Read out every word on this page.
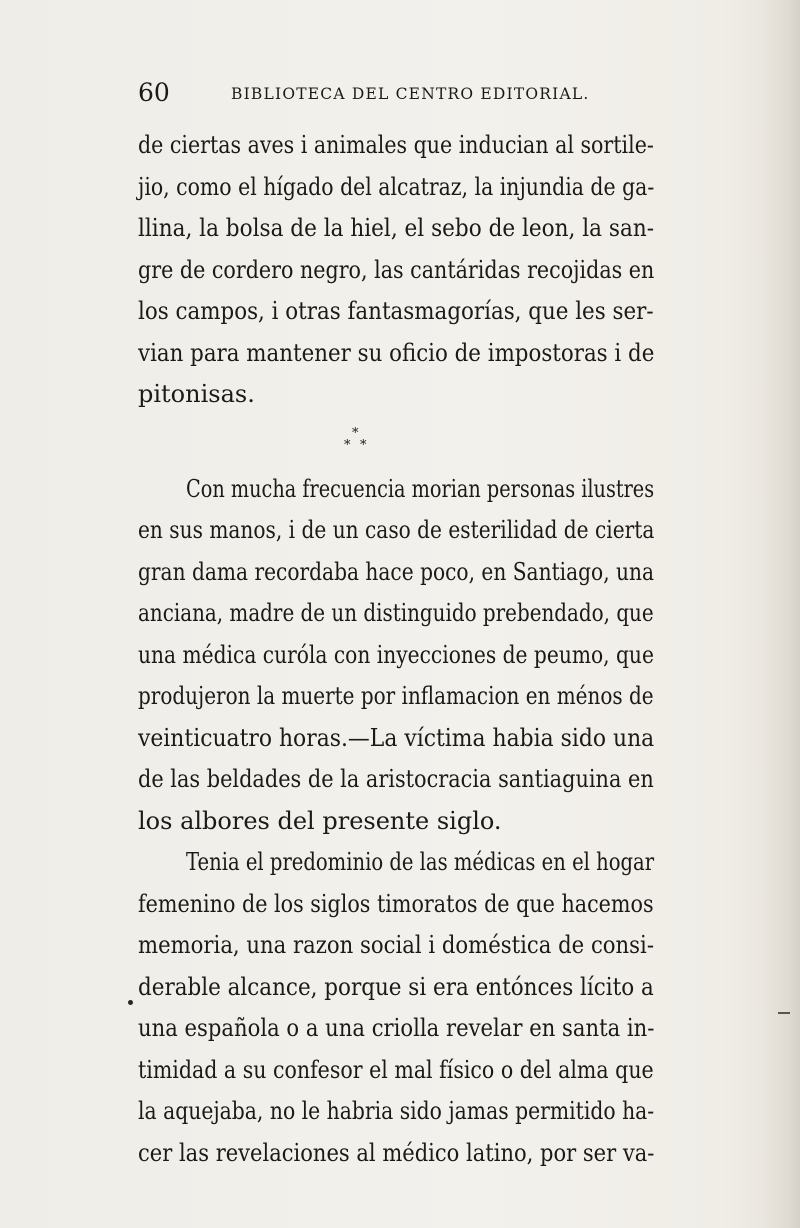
60	BIBLIOTECA DEL CENTRO EDITORIAL.
de ciertas aves i animales que inducian al sortile-
jio, como el hígado del alcatraz, la injundia de ga-
llina, la bolsa de la hiel, el sebo de leon, la san-
gre de cordero negro, las cantáridas recojidas en
los campos, i otras fantasmagorías, que les ser-
vian para mantener su oficio de impostoras i de
pitonisas.
*
* *
Con mucha frecuencia morian personas ilustres
en sus manos, i de un caso de esterilidad de cierta
gran dama recordaba hace poco, en Santiago, una
anciana, madre de un distinguido prebendado, que
una médica curóla con inyecciones de peumo, que
produjeron la muerte por inflamacion en ménos de
veinticuatro horas.—La víctima habia sido una
de las beldades de la aristocracia santiaguina en
los albores del presente siglo.
Tenia el predominio de las médicas en el hogar
femenino de los siglos timoratos de que hacemos
memoria, una razon social i doméstica de consi-
derable alcance, porque si era entónces lícito a
una española o a una criolla revelar en santa in-
timidad a su confesor el mal físico o del alma que
la aquejaba, no le habria sido jamas permitido ha-
cer las revelaciones al médico latino, por ser va-
